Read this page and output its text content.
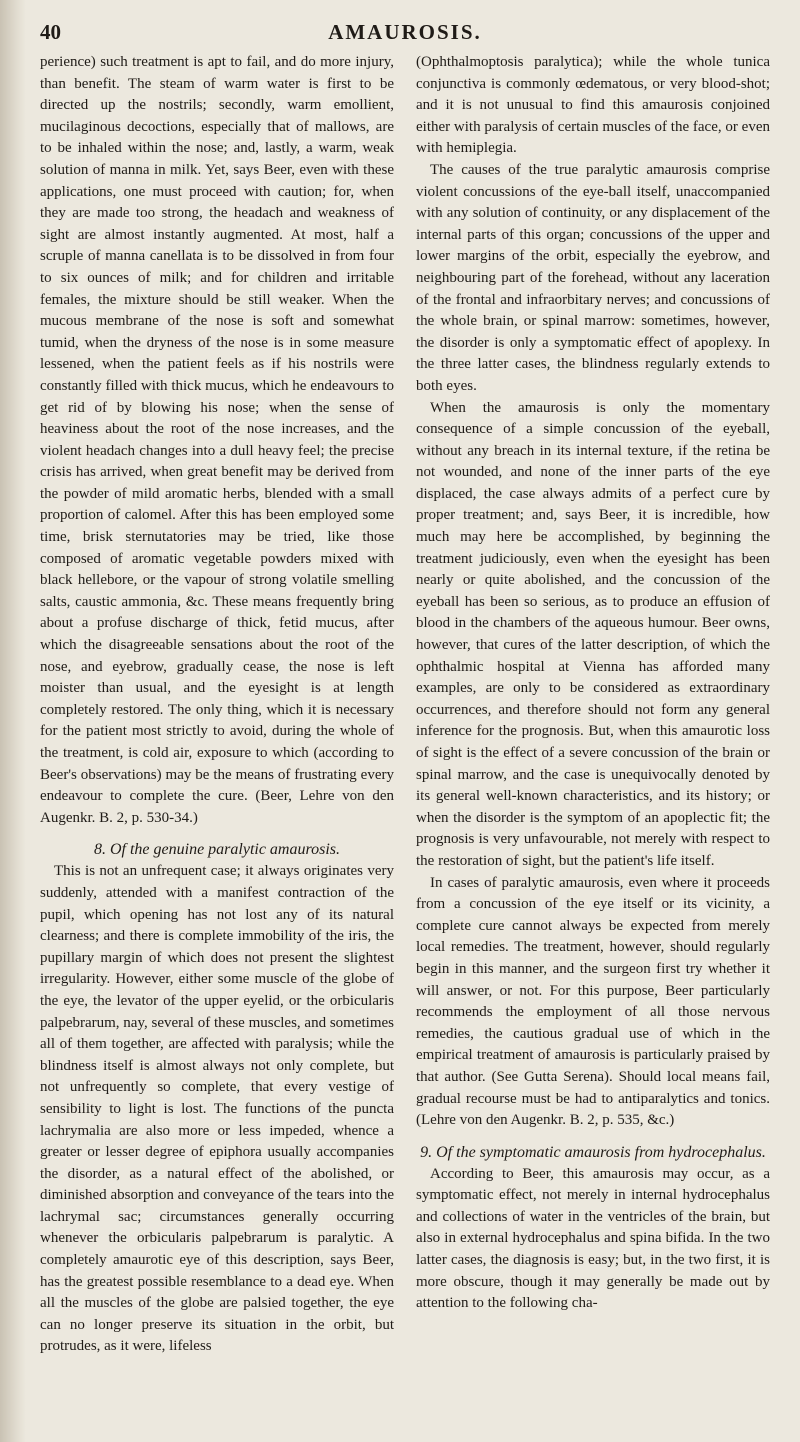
40	AMAUROSIS.

perience) such treatment is apt to fail, and do more injury, than benefit. The steam of warm water is first to be directed up the nostrils; secondly, warm emollient, mucilaginous decoctions, especially that of mallows, are to be inhaled within the nose; and, lastly, a warm, weak solution of manna in milk. Yet, says Beer, even with these applications, one must proceed with caution; for, when they are made too strong, the headach and weakness of sight are almost instantly augmented. At most, half a scruple of manna canellata is to be dissolved in from four to six ounces of milk; and for children and irritable females, the mixture should be still weaker. When the mucous membrane of the nose is soft and somewhat tumid, when the dryness of the nose is in some measure lessened, when the patient feels as if his nostrils were constantly filled with thick mucus, which he endeavours to get rid of by blowing his nose; when the sense of heaviness about the root of the nose increases, and the violent headach changes into a dull heavy feel; the precise crisis has arrived, when great benefit may be derived from the powder of mild aromatic herbs, blended with a small proportion of calomel. After this has been employed some time, brisk sternutatories may be tried, like those composed of aromatic vegetable powders mixed with black hellebore, or the vapour of strong volatile smelling salts, caustic ammonia, &c. These means frequently bring about a profuse discharge of thick, fetid mucus, after which the disagreeable sensations about the root of the nose, and eyebrow, gradually cease, the nose is left moister than usual, and the eyesight is at length completely restored. The only thing, which it is necessary for the patient most strictly to avoid, during the whole of the treatment, is cold air, exposure to which (according to Beer's observations) may be the means of frustrating every endeavour to complete the cure. (Beer, Lehre von den Augenkr. B. 2, p. 530-34.)

8. Of the genuine paralytic amaurosis.

This is not an unfrequent case; it always originates very suddenly, attended with a manifest contraction of the pupil, which opening has not lost any of its natural clearness; and there is complete immobility of the iris, the pupillary margin of which does not present the slightest irregularity. However, either some muscle of the globe of the eye, the levator of the upper eyelid, or the orbicularis palpebrarum, nay, several of these muscles, and sometimes all of them together, are affected with paralysis; while the blindness itself is almost always not only complete, but not unfrequently so complete, that every vestige of sensibility to light is lost. The functions of the puncta lachrymalia are also more or less impeded, whence a greater or lesser degree of epiphora usually accompanies the disorder, as a natural effect of the abolished, or diminished absorption and conveyance of the tears into the lachrymal sac; circumstances generally occurring whenever the orbicularis palpebrarum is paralytic. A completely amaurotic eye of this description, says Beer, has the greatest possible resemblance to a dead eye. When all the muscles of the globe are palsied together, the eye can no longer preserve its situation in the orbit, but protrudes, as it were, lifeless

(Ophthalmoptosis paralytica); while the whole tunica conjunctiva is commonly œdematous, or very blood-shot; and it is not unusual to find this amaurosis conjoined either with paralysis of certain muscles of the face, or even with hemiplegia.

The causes of the true paralytic amaurosis comprise violent concussions of the eye-ball itself, unaccompanied with any solution of continuity, or any displacement of the internal parts of this organ; concussions of the upper and lower margins of the orbit, especially the eyebrow, and neighbouring part of the forehead, without any laceration of the frontal and infraorbitary nerves; and concussions of the whole brain, or spinal marrow: sometimes, however, the disorder is only a symptomatic effect of apoplexy. In the three latter cases, the blindness regularly extends to both eyes.

When the amaurosis is only the momentary consequence of a simple concussion of the eyeball, without any breach in its internal texture, if the retina be not wounded, and none of the inner parts of the eye displaced, the case always admits of a perfect cure by proper treatment; and, says Beer, it is incredible, how much may here be accomplished, by beginning the treatment judiciously, even when the eyesight has been nearly or quite abolished, and the concussion of the eyeball has been so serious, as to produce an effusion of blood in the chambers of the aqueous humour. Beer owns, however, that cures of the latter description, of which the ophthalmic hospital at Vienna has afforded many examples, are only to be considered as extraordinary occurrences, and therefore should not form any general inference for the prognosis. But, when this amaurotic loss of sight is the effect of a severe concussion of the brain or spinal marrow, and the case is unequivocally denoted by its general well-known characteristics, and its history; or when the disorder is the symptom of an apoplectic fit; the prognosis is very unfavourable, not merely with respect to the restoration of sight, but the patient's life itself.

In cases of paralytic amaurosis, even where it proceeds from a concussion of the eye itself or its vicinity, a complete cure cannot always be expected from merely local remedies. The treatment, however, should regularly begin in this manner, and the surgeon first try whether it will answer, or not. For this purpose, Beer particularly recommends the employment of all those nervous remedies, the cautious gradual use of which in the empirical treatment of amaurosis is particularly praised by that author. (See Gutta Serena). Should local means fail, gradual recourse must be had to antiparalytics and tonics. (Lehre von den Augenkr. B. 2, p. 535, &c.)

9. Of the symptomatic amaurosis from hydrocephalus.

According to Beer, this amaurosis may occur, as a symptomatic effect, not merely in internal hydrocephalus and collections of water in the ventricles of the brain, but also in external hydrocephalus and spina bifida. In the two latter cases, the diagnosis is easy; but, in the two first, it is more obscure, though it may generally be made out by attention to the following cha-
